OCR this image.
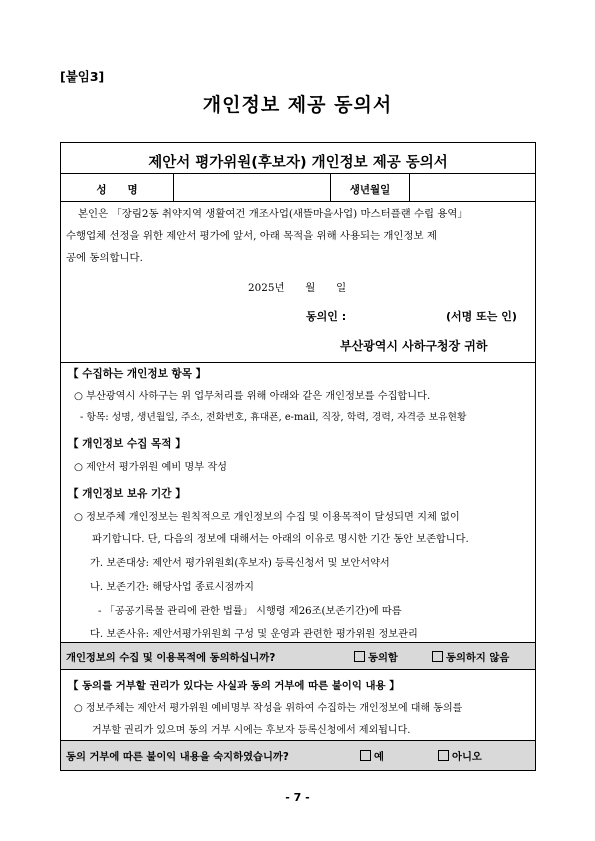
[붙임3]
개인정보 제공 동의서
제안서 평가위원(후보자) 개인정보 제공 동의서
성　　명	생년월일
본인은 「장림2동 취약지역 생활여건 개조사업(새뜰마을사업) 마스터플랜 수립 용역」
수행업체 선정을 위한 제안서 평가에 앞서, 아래 목적을 위해 사용되는 개인정보 제
공에 동의합니다.
2025년　　월　　일
동의인 :	(서명 또는 인)
부산광역시 사하구청장 귀하
【 수집하는 개인정보 항목 】
○ 부산광역시 사하구는 위 업무처리를 위해 아래와 같은 개인정보를 수집합니다.
- 항목: 성명, 생년월일, 주소, 전화번호, 휴대폰, e-mail, 직장, 학력, 경력, 자격증 보유현황
【 개인정보 수집 목적 】
○ 제안서 평가위원 예비 명부 작성
【 개인정보 보유 기간 】
○ 정보주체 개인정보는 원칙적으로 개인정보의 수집 및 이용목적이 달성되면 지체 없이
파기합니다. 단, 다음의 정보에 대해서는 아래의 이유로 명시한 기간 동안 보존합니다.
가. 보존대상: 제안서 평가위원회(후보자) 등록신청서 및 보안서약서
나. 보존기간: 해당사업 종료시점까지
- 「공공기록물 관리에 관한 법률」 시행령 제26조(보존기간)에 따름
다. 보존사유: 제안서평가위원회 구성 및 운영과 관련한 평가위원 정보관리
개인정보의 수집 및 이용목적에 동의하십니까?	동의함	동의하지 않음
【 동의를 거부할 권리가 있다는 사실과 동의 거부에 따른 불이익 내용 】
○ 정보주체는 제안서 평가위원 예비명부 작성을 위하여 수집하는 개인정보에 대해 동의를
거부할 권리가 있으며 동의 거부 시에는 후보자 등록신청에서 제외됩니다.
동의 거부에 따른 불이익 내용을 숙지하였습니까?	예	아니오
- 7 -
